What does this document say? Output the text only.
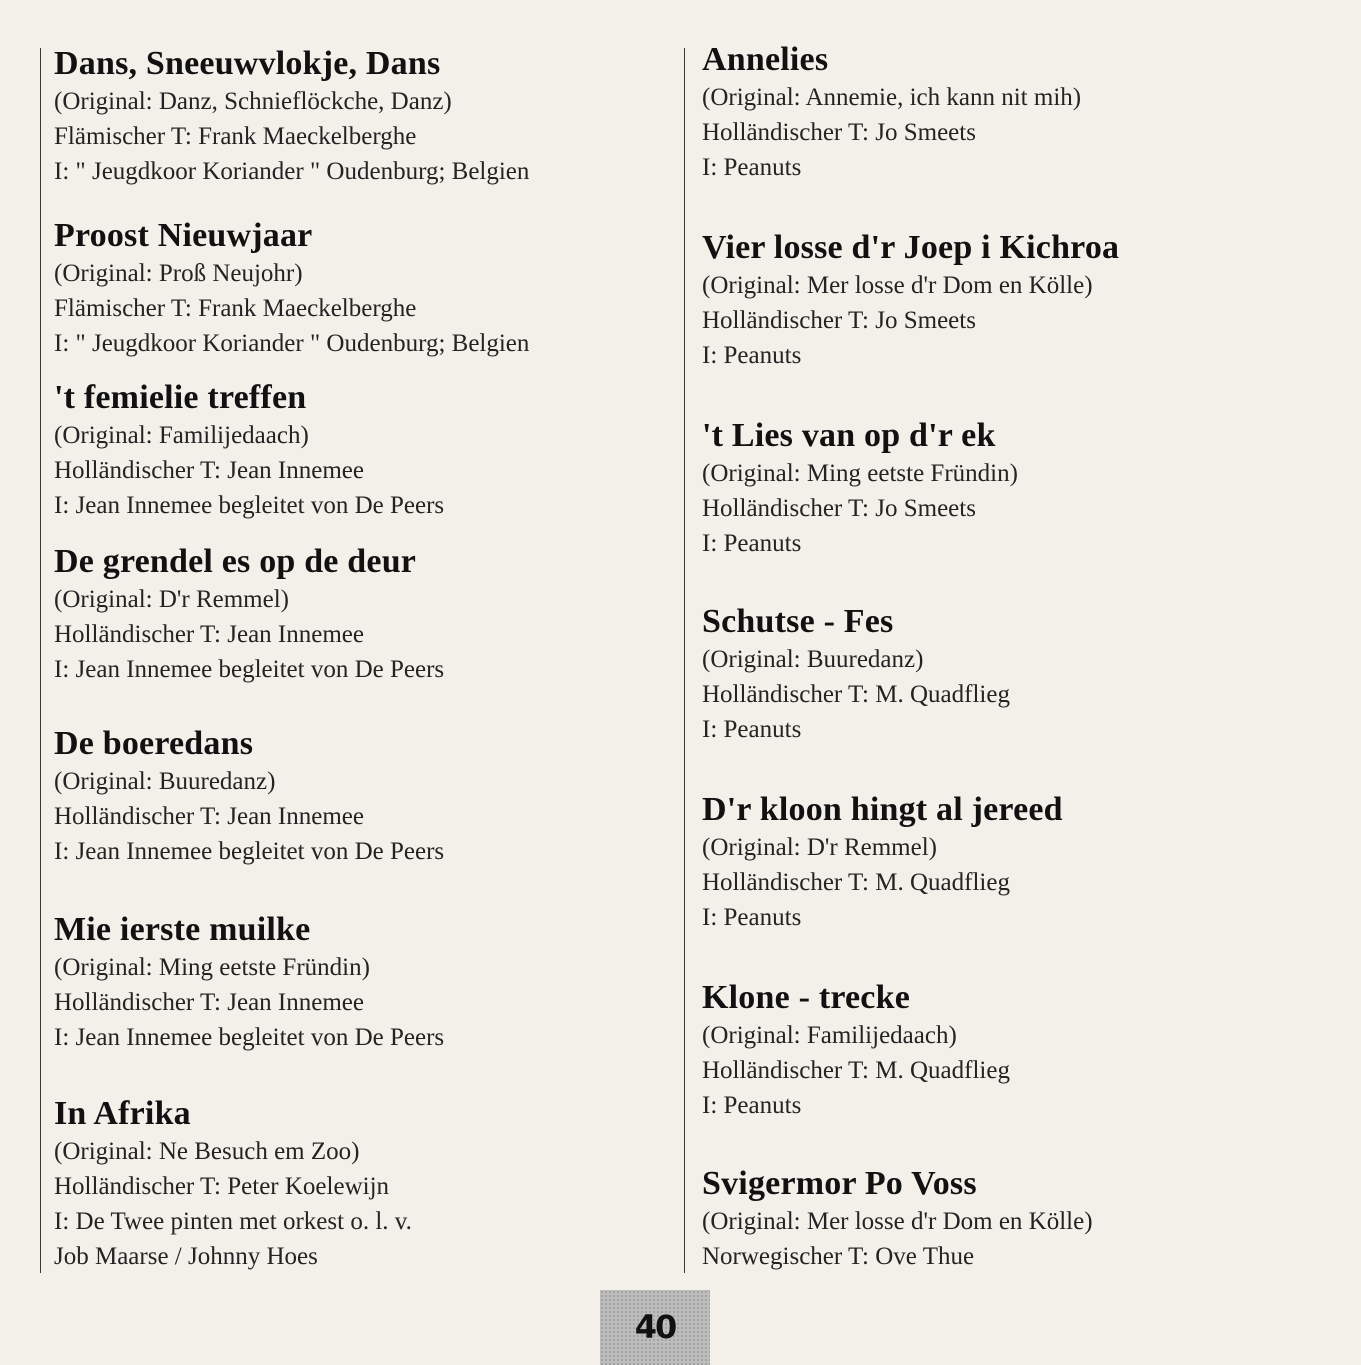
Dans, Sneeuwvlokje, Dans
(Original: Danz, Schnieflöckche, Danz)
Flämischer T: Frank Maeckelberghe
I: " Jeugdkoor Koriander " Oudenburg; Belgien
Proost Nieuwjaar
(Original: Proß Neujohr)
Flämischer T: Frank Maeckelberghe
I: " Jeugdkoor Koriander " Oudenburg; Belgien
't femielie treffen
(Original: Familijedaach)
Holländischer T: Jean Innemee
I: Jean Innemee begleitet von De Peers
De grendel es op de deur
(Original: D'r Remmel)
Holländischer T: Jean Innemee
I: Jean Innemee begleitet von De Peers
De boeredans
(Original: Buuredanz)
Holländischer T: Jean Innemee
I: Jean Innemee begleitet von De Peers
Mie ierste muilke
(Original: Ming eetste Fründin)
Holländischer T: Jean Innemee
I: Jean Innemee begleitet von De Peers
In Afrika
(Original: Ne Besuch em Zoo)
Holländischer T: Peter Koelewijn
I: De Twee pinten met orkest o. l. v.
Job Maarse / Johnny Hoes
Annelies
(Original: Annemie, ich kann nit mih)
Holländischer T: Jo Smeets
I: Peanuts
Vier losse d'r Joep i Kichroa
(Original: Mer losse d'r Dom en Kölle)
Holländischer T: Jo Smeets
I: Peanuts
't Lies van op d'r ek
(Original: Ming eetste Fründin)
Holländischer T: Jo Smeets
I: Peanuts
Schutse - Fes
(Original: Buuredanz)
Holländischer T: M. Quadflieg
I: Peanuts
D'r kloon hingt al jereed
(Original: D'r Remmel)
Holländischer T: M. Quadflieg
I: Peanuts
Klone - trecke
(Original: Familijedaach)
Holländischer T: M. Quadflieg
I: Peanuts
Svigermor Po Voss
(Original: Mer losse d'r Dom en Kölle)
Norwegischer T: Ove Thue
40
